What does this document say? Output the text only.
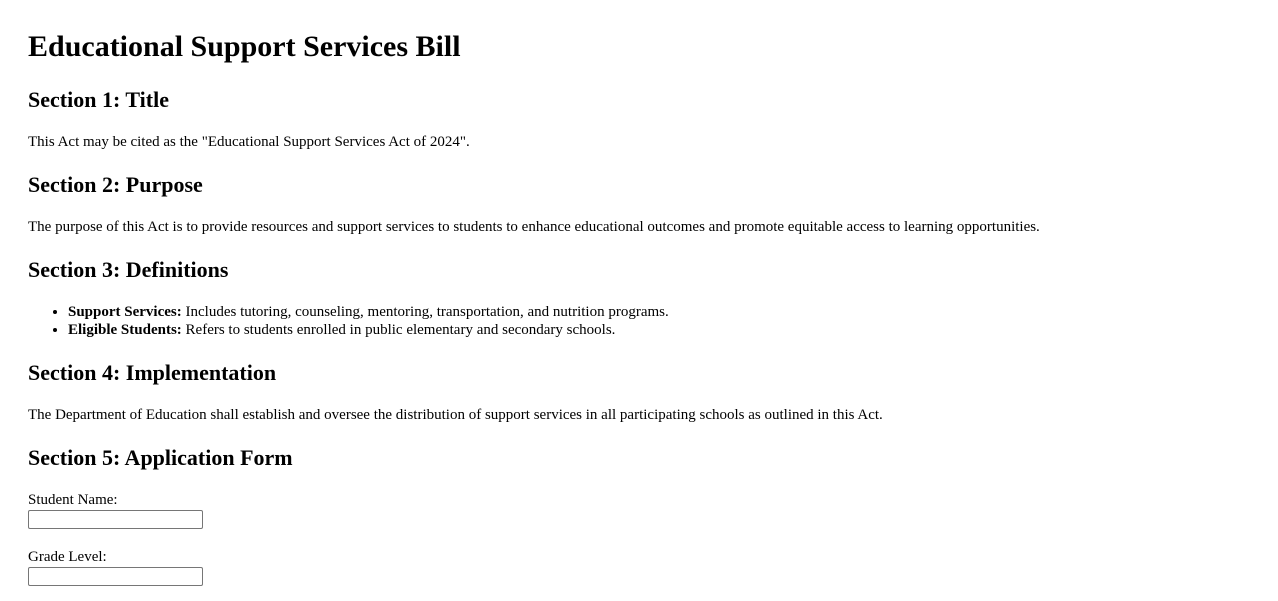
Educational Support Services Bill
Section 1: Title

This Act may be cited as the "Educational Support Services Act of 2024".

Section 2: Purpose

The purpose of this Act is to provide resources and support services to students to enhance educational outcomes and promote equitable access to learning opportunities.

Section 3: Definitions
• Support Services: Includes tutoring, counseling, mentoring, transportation, and nutrition programs.
• Eligible Students: Refers to students enrolled in public elementary and secondary schools.
Section 4: Implementation

The Department of Education shall establish and oversee the distribution of support services in all participating schools as outlined in this Act.

Section 5: Application Form
Student Name:
Grade Level:
